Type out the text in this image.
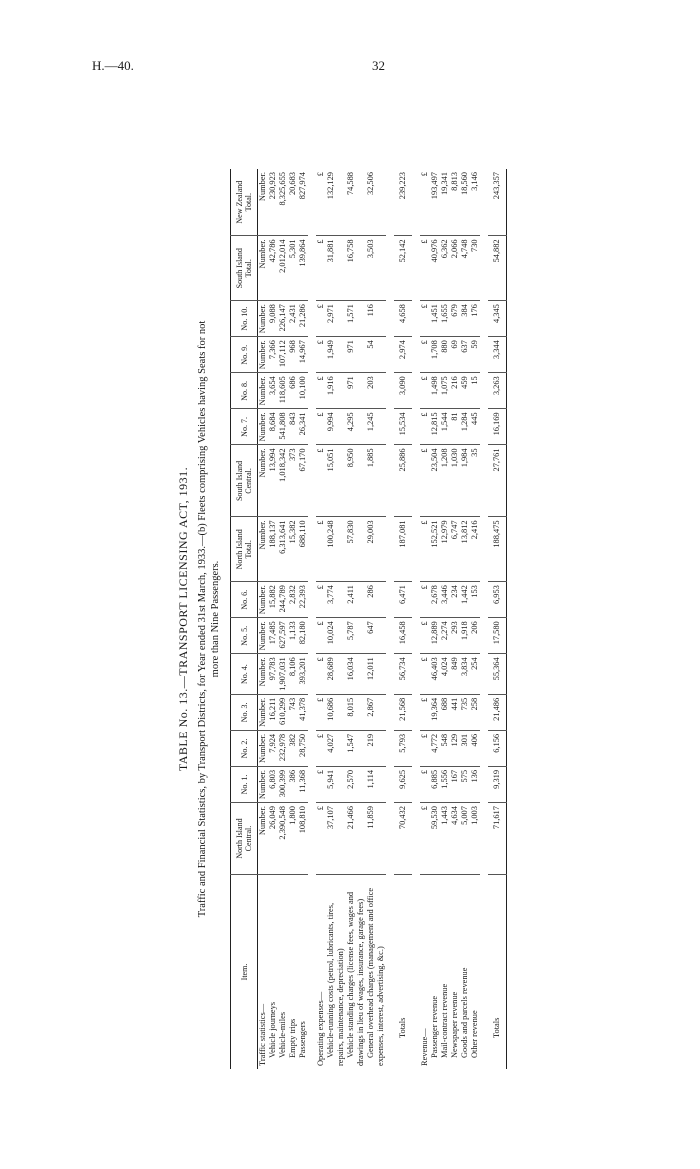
H.—40.	32
TABLE No. 13.—TRANSPORT LICENSING ACT, 1931. Traffic and Financial Statistics, by Transport Districts, for Year ended 31st March, 1933.—(b) Fleets comprising Vehicles having Seats for not more than Nine Passengers.
Item.	North Island Central.	No. 1.	No. 2.	No. 3.	No. 4.	No. 5.	No. 6.	North Island Total.	South Island Central.	No. 7.	No. 8.	No. 9.	No. 10.	South Island Total.	New Zealand Total.
Traffic statistics—	Number.	Number.	Number.	Number.	Number.	Number.	Number.	Number.	Number.	Number.	Number.	Number.	Number.	Number.	Number.
Vehicle journeys	26,049	6,803	7,924	16,211	97,783	17,485	15,882	188,137	13,994	8,684	3,654	7,366	9,088	42,786	230,923
Vehicle-miles	2,390,548	300,399	232,978	610,299	1,907,031	627,597	244,789	6,313,641	1,018,342	541,808	118,605	107,112	226,147	2,012,014	8,325,655
Empty trips	1,800	386	382	743	8,106	1,133	2,832	15,382	373	843	686	968	2,431	5,301	20,683
Passengers	108,810	11,368	28,750	41,378	393,201	82,180	22,393	688,110	67,170	26,341	10,100	14,967	21,286	139,864	827,974

Operating expenses—	£	£	£	£	£	£	£	£	£	£	£	£	£	£	£
Vehicle-running costs (petrol, lubricants, tires, repairs, maintenance, depreciation)	37,107	5,941	4,027	10,686	28,689	10,024	3,774	100,248	15,051	9,994	1,916	1,949	2,971	31,881	132,129
Vehicle standing charges (license fees, wages and drawings in lieu of wages, insurance, garage fees)	21,466	2,570	1,547	8,015	16,034	5,787	2,411	57,830	8,950	4,295	971	971	1,571	16,758	74,588
General overhead charges (management and office expenses, interest, advertising, &c.)	11,859	1,114	219	2,867	12,011	647	286	29,003	1,885	1,245	203	54	116	3,503	32,506

Totals	70,432	9,625	5,793	21,568	56,734	16,458	6,471	187,081	25,886	15,534	3,090	2,974	4,658	52,142	239,223

Revenue—	£	£	£	£	£	£	£	£	£	£	£	£	£	£	£
Passenger revenue	59,530	6,885	4,772	19,364	46,403	12,889	2,678	152,521	23,504	12,815	1,498	1,708	1,451	40,976	193,497
Mail-contract revenue	1,443	1,556	548	688	4,024	2,274	3,446	12,979	1,208	1,544	1,075	880	1,655	6,362	19,341
Newspaper revenue	4,634	167	129	441	849	293	234	6,747	1,030	81	216	69	679	2,066	8,813
Goods and parcels revenue	5,007	575	301	735	3,834	1,918	1,442	13,812	1,984	1,284	459	637	384	4,748	18,560
Other revenue	1,003	136	406	258	254	206	153	2,416	35	445	15	59	176	730	3,146

Totals	71,617	9,319	6,156	21,486	55,364	17,580	6,953	188,475	27,761	16,169	3,263	3,344	4,345	54,882	243,357
